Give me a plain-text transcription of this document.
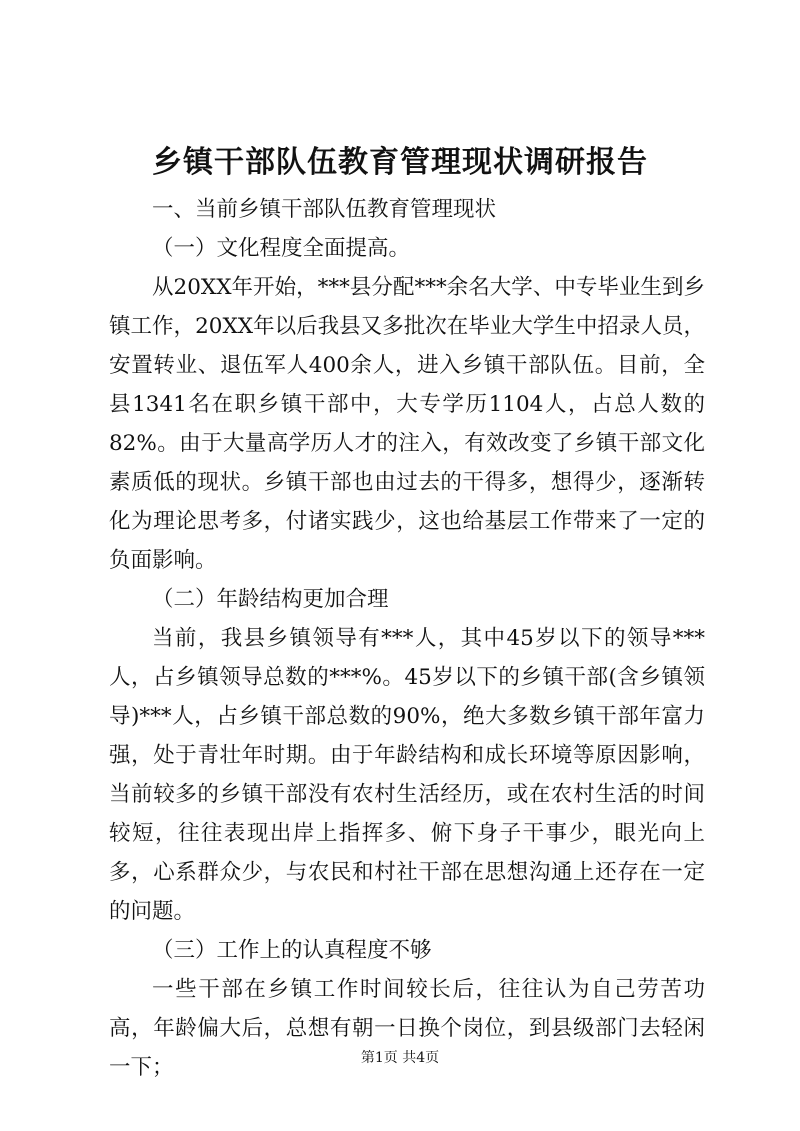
乡镇干部队伍教育管理现状调研报告

一、当前乡镇干部队伍教育管理现状

（一）文化程度全面提高。

从20XX年开始，***县分配***余名大学、中专毕业生到乡镇工作，20XX年以后我县又多批次在毕业大学生中招录人员，安置转业、退伍军人400余人，进入乡镇干部队伍。目前，全县1341名在职乡镇干部中，大专学历1104人，占总人数的82%。由于大量高学历人才的注入，有效改变了乡镇干部文化素质低的现状。乡镇干部也由过去的干得多，想得少，逐渐转化为理论思考多，付诸实践少，这也给基层工作带来了一定的负面影响。

（二）年龄结构更加合理

当前，我县乡镇领导有***人，其中45岁以下的领导***人，占乡镇领导总数的***%。45岁以下的乡镇干部(含乡镇领导)***人，占乡镇干部总数的90%，绝大多数乡镇干部年富力强，处于青壮年时期。由于年龄结构和成长环境等原因影响，当前较多的乡镇干部没有农村生活经历，或在农村生活的时间较短，往往表现出岸上指挥多、俯下身子干事少，眼光向上多，心系群众少，与农民和村社干部在思想沟通上还存在一定的问题。

（三）工作上的认真程度不够

一些干部在乡镇工作时间较长后，往往认为自己劳苦功高，年龄偏大后，总想有朝一日换个岗位，到县级部门去轻闲一下；	第1页 共4页
